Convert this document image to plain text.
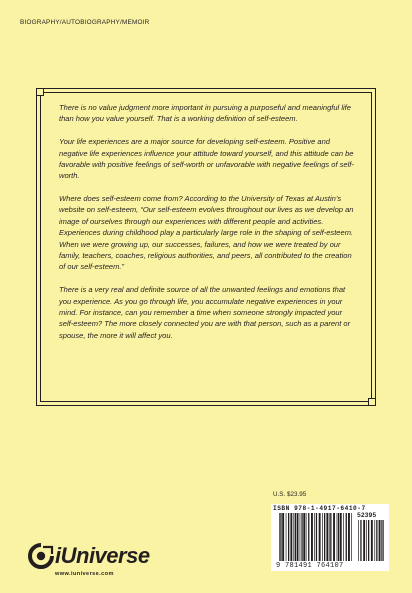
BIOGRAPHY/AUTOBIOGRAPHY/MEMOIR

There is no value judgment more important in pursuing a purposeful and meaningful life than how you value yourself. That is a working definition of self-esteem.

Your life experiences are a major source for developing self-esteem. Positive and negative life experiences influence your attitude toward yourself, and this attitude can be favorable with positive feelings of self-worth or unfavorable with negative feelings of self-worth.

Where does self-esteem come from? According to the University of Texas at Austin’s website on self-esteem, “Our self-esteem evolves throughout our lives as we develop an image of ourselves through our experiences with different people and activities. Experiences during childhood play a particularly large role in the shaping of self-esteem. When we were growing up, our successes, failures, and how we were treated by our family, teachers, coaches, religious authorities, and peers, all contributed to the creation of our self-esteem.”

There is a very real and definite source of all the unwanted feelings and emotions that you experience. As you go through life, you accumulate negative experiences in your mind. For instance, can you remember a time when someone strongly impacted your self-esteem? The more closely connected you are with that person, such as a parent or spouse, the more it will affect you.

iUniverse
www.iuniverse.com
U.S. $23.95
ISBN 978-1-4917-6410-7
52395
9 781491 764107
